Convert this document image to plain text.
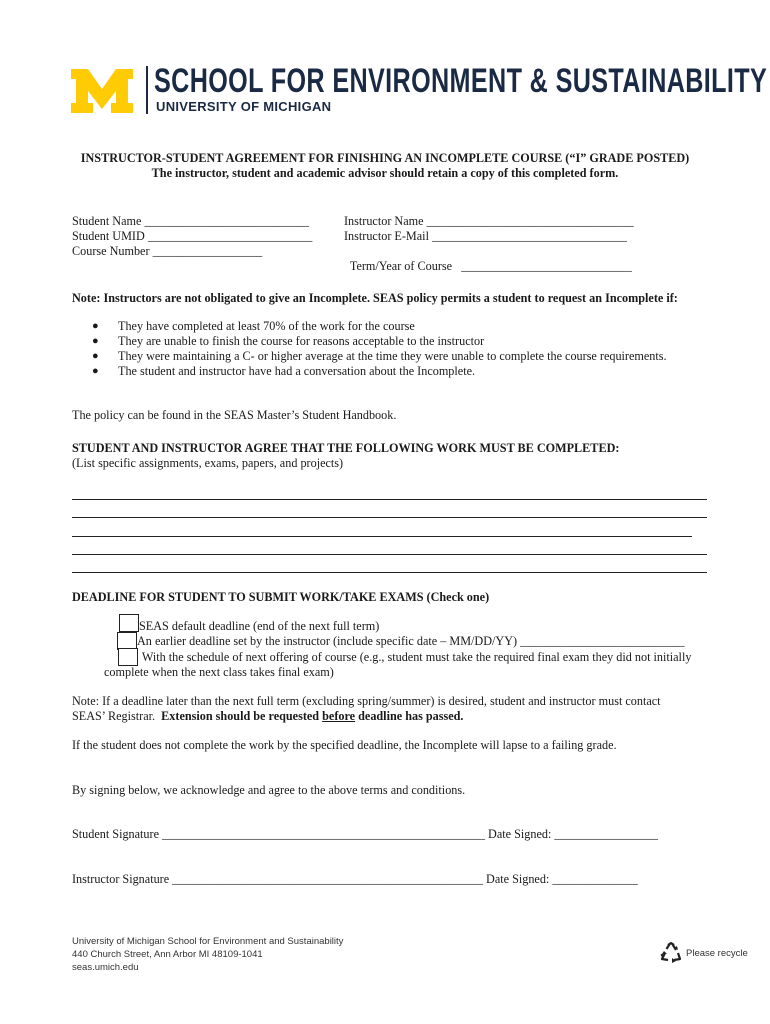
SCHOOL FOR ENVIRONMENT & SUSTAINABILITY
UNIVERSITY OF MICHIGAN
INSTRUCTOR-STUDENT AGREEMENT FOR FINISHING AN INCOMPLETE COURSE (“I” GRADE POSTED)
The instructor, student and academic advisor should retain a copy of this completed form.
Student Name ___________________________
Student UMID ___________________________
Course Number __________________
Instructor Name __________________________________
Instructor E-Mail ________________________________

Term/Year of Course   ____________________________

Note: Instructors are not obligated to give an Incomplete. SEAS policy permits a student to request an Incomplete if:
● They have completed at least 70% of the work for the course
● They are unable to finish the course for reasons acceptable to the instructor
● They were maintaining a C- or higher average at the time they were unable to complete the course requirements.
● The student and instructor have had a conversation about the Incomplete.
The policy can be found in the SEAS Master’s Student Handbook.
STUDENT AND INSTRUCTOR AGREE THAT THE FOLLOWING WORK MUST BE COMPLETED:
(List specific assignments, exams, papers, and projects)
DEADLINE FOR STUDENT TO SUBMIT WORK/TAKE EXAMS (Check one)
SEAS default deadline (end of the next full term)
An earlier deadline set by the instructor (include specific date – MM/DD/YY) ___________________________
With the schedule of next offering of course (e.g., student must take the required final exam they did not initially
complete when the next class takes final exam)
Note: If a deadline later than the next full term (excluding spring/summer) is desired, student and instructor must contact
SEAS’ Registrar.  Extension should be requested before deadline has passed.
If the student does not complete the work by the specified deadline, the Incomplete will lapse to a failing grade.
By signing below, we acknowledge and agree to the above terms and conditions.
Student Signature _____________________________________________________ Date Signed: _________________
Instructor Signature ___________________________________________________ Date Signed: ______________
University of Michigan School for Environment and Sustainability
440 Church Street, Ann Arbor MI 48109-1041
seas.umich.edu
Please recycle
